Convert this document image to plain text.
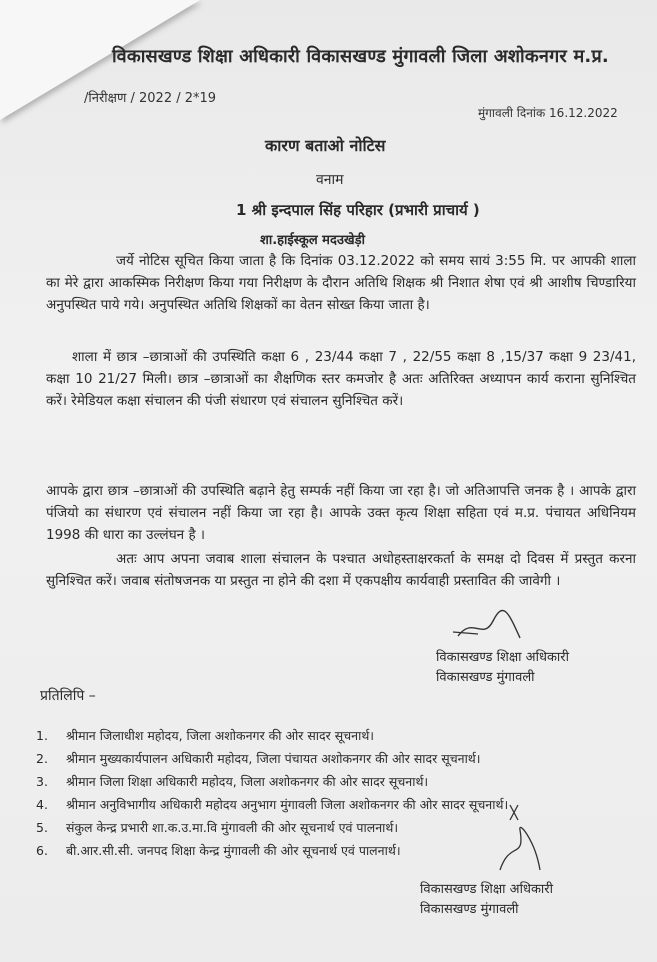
विकासखण्ड शिक्षा अधिकारी विकासखण्ड मुंगावली जिला अशोकनगर म.प्र.
/निरीक्षण / 2022 / 2*19
मुंगावली दिनांक 16.12.2022
कारण बताओ नोटिस
वनाम
1 श्री इन्दपाल सिंह परिहार (प्रभारी प्राचार्य )
शा.हाईस्कूल मदउखेड़ी
जर्ये नोटिस सूचित किया जाता है कि दिनांक 03.12.2022 को समय सायं 3:55 मि. पर आपकी शाला का मेरे द्वारा आकस्मिक निरीक्षण किया गया निरीक्षण के दौरान अतिथि शिक्षक श्री निशात शेषा एवं श्री आशीष चिण्डारिया अनुपस्थित पाये गये। अनुपस्थित अतिथि शिक्षकों का वेतन सोख्त किया जाता है।
शाला में छात्र –छात्राओं की उपस्थिति कक्षा 6 , 23/44 कक्षा 7 , 22/55 कक्षा 8 ,15/37 कक्षा 9 23/41, कक्षा 10 21/27 मिली। छात्र –छात्राओं का शैक्षणिक स्तर कमजोर है अतः अतिरिक्त अध्यापन कार्य कराना सुनिश्चित करें। रेमेडियल कक्षा संचालन की पंजी संधारण एवं संचालन सुनिश्चित करें।
आपके द्वारा छात्र –छात्राओं की उपस्थिति बढ़ाने हेतु सम्पर्क नहीं किया जा रहा है। जो अतिआपत्ति जनक है । आपके द्वारा पंजियो का संधारण एवं संचालन नहीं किया जा रहा है। आपके उक्त कृत्य शिक्षा सहिता एवं म.प्र. पंचायत अधिनियम 1998 की धारा का उल्लंघन है ।
अतः आप अपना जवाब शाला संचालन के पश्चात अधोहस्ताक्षरकर्ता के समक्ष दो दिवस में प्रस्तुत करना सुनिश्चित करें। जवाब संतोषजनक या प्रस्तुत ना होने की दशा में एकपक्षीय कार्यवाही प्रस्तावित की जावेगी ।
विकासखण्ड शिक्षा अधिकारी
विकासखण्ड मुंगावली
प्रतिलिपि –
1.	श्रीमान जिलाधीश महोदय, जिला अशोकनगर की ओर सादर सूचनार्थ।
2.	श्रीमान मुख्यकार्यपालन अधिकारी महोदय, जिला पंचायत अशोकनगर की ओर सादर सूचनार्थ।
3.	श्रीमान जिला शिक्षा अधिकारी महोदय, जिला अशोकनगर की ओर सादर सूचनार्थ।
4.	श्रीमान अनुविभागीय अधिकारी महोदय अनुभाग मुंगावली जिला अशोकनगर की ओर सादर सूचनार्थ।
5.	संकुल केन्द्र प्रभारी शा.क.उ.मा.वि मुंगावली की ओर सूचनार्थ एवं पालनार्थ।
6.	बी.आर.सी.सी. जनपद शिक्षा केन्द्र मुंगावली की ओर सूचनार्थ एवं पालनार्थ।
विकासखण्ड शिक्षा अधिकारी
विकासखण्ड मुंगावली
